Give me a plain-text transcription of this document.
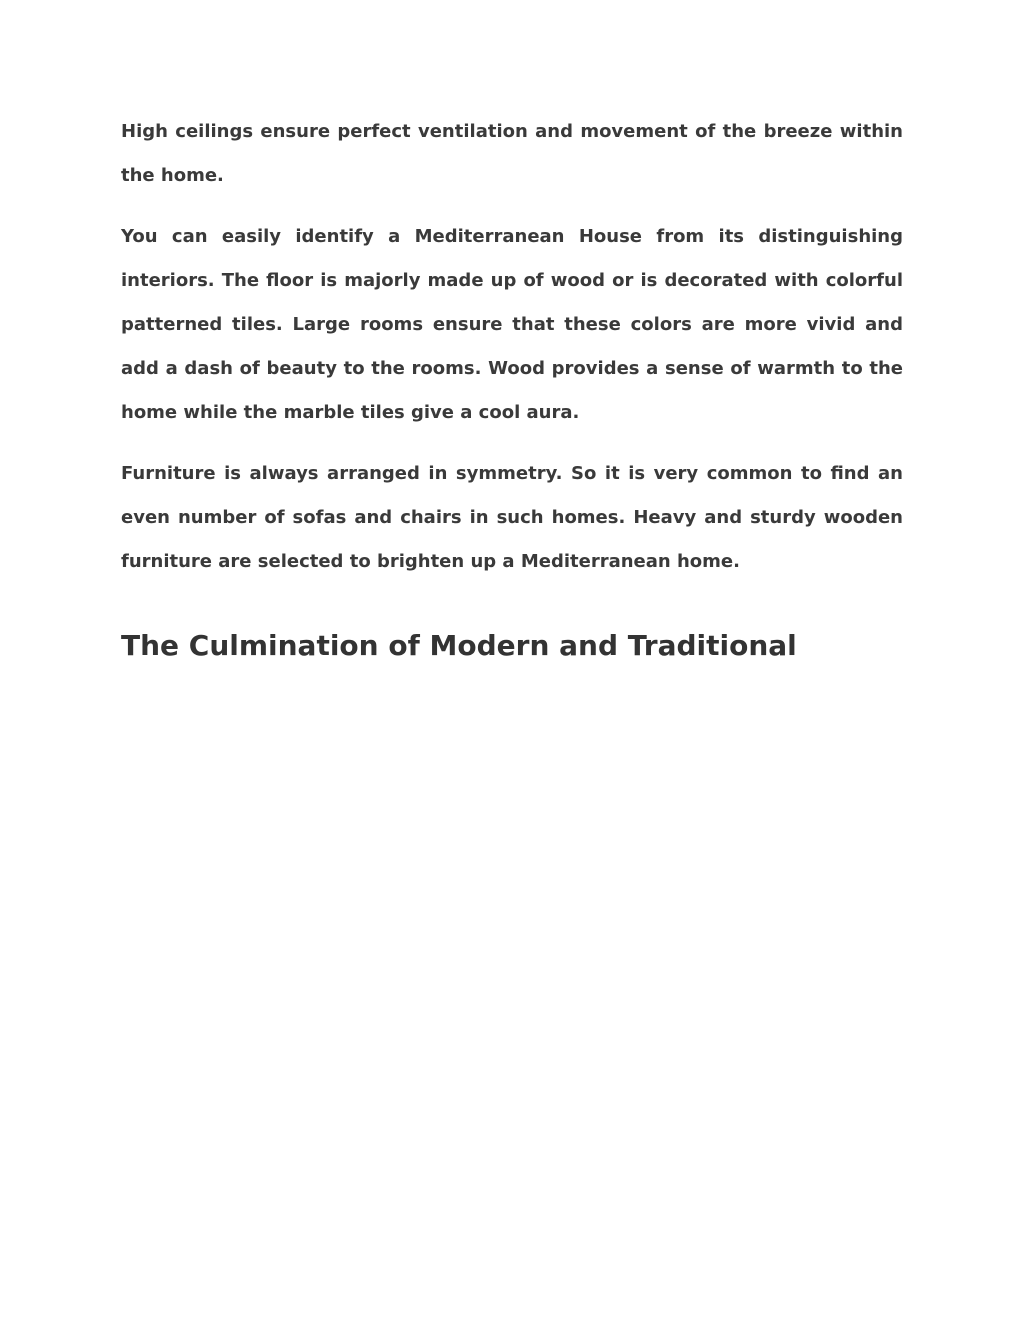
High ceilings ensure perfect ventilation and movement of the breeze within the home.

You can easily identify a Mediterranean House from its distinguishing interiors. The floor is majorly made up of wood or is decorated with colorful patterned tiles. Large rooms ensure that these colors are more vivid and add a dash of beauty to the rooms. Wood provides a sense of warmth to the home while the marble tiles give a cool aura.

Furniture is always arranged in symmetry. So it is very common to find an even number of sofas and chairs in such homes. Heavy and sturdy wooden furniture are selected to brighten up a Mediterranean home.

The Culmination of Modern and Traditional
